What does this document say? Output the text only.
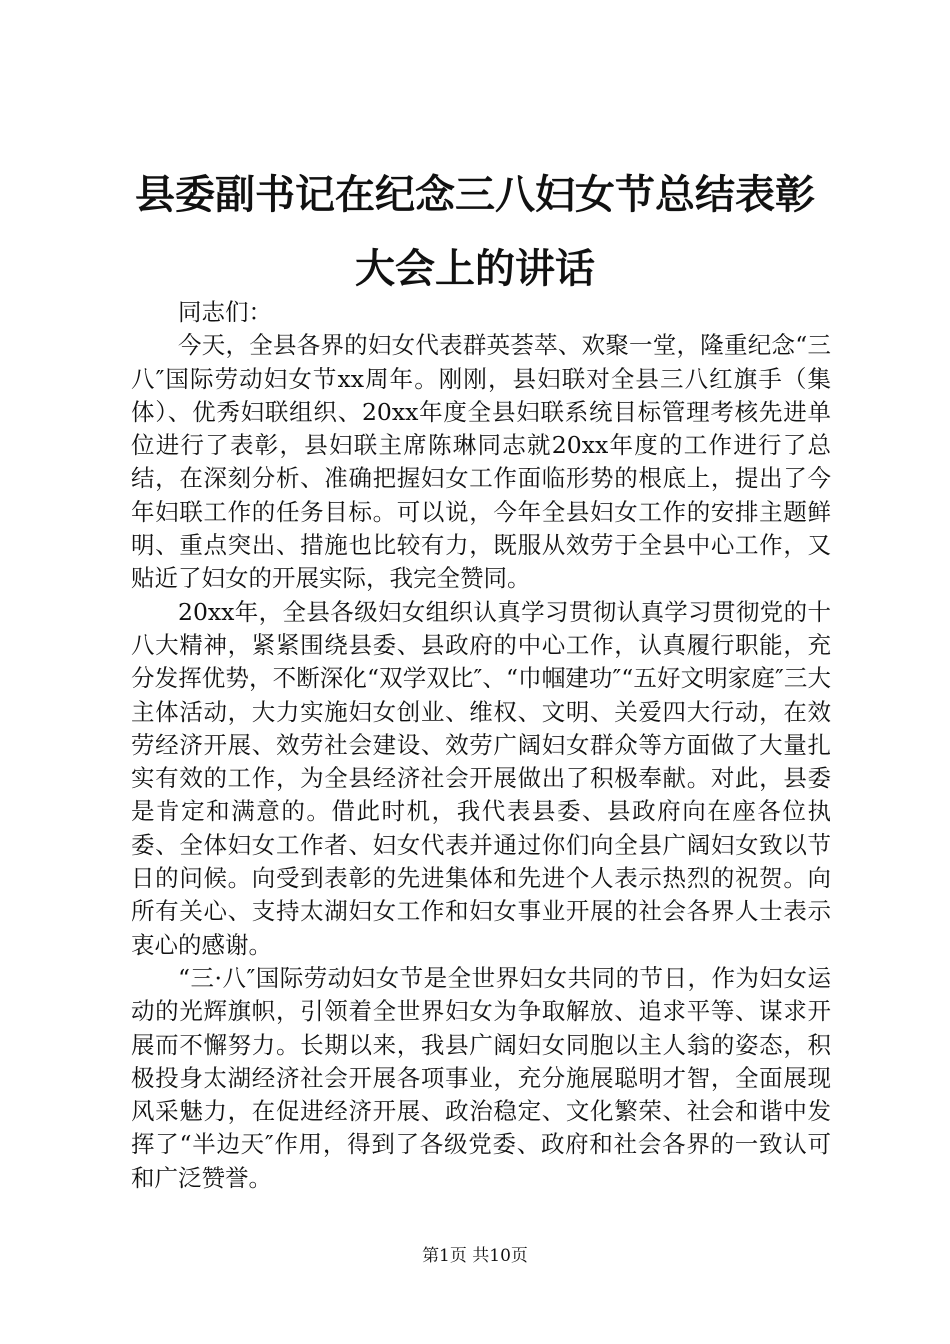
县委副书记在纪念三八妇女节总结表彰大会上的讲话

同志们：

今天，全县各界的妇女代表群英荟萃、欢聚一堂，隆重纪念“三八″国际劳动妇女节xx周年。刚刚，县妇联对全县三八红旗手（集体）、优秀妇联组织、20xx年度全县妇联系统目标管理考核先进单位进行了表彰，县妇联主席陈琳同志就20xx年度的工作进行了总结，在深刻分析、准确把握妇女工作面临形势的根底上，提出了今年妇联工作的任务目标。可以说，今年全县妇女工作的安排主题鲜明、重点突出、措施也比较有力，既服从效劳于全县中心工作，又贴近了妇女的开展实际，我完全赞同。

20xx年，全县各级妇女组织认真学习贯彻认真学习贯彻党的十八大精神，紧紧围绕县委、县政府的中心工作，认真履行职能，充分发挥优势，不断深化“双学双比″、“巾帼建功″“五好文明家庭″三大主体活动，大力实施妇女创业、维权、文明、关爱四大行动，在效劳经济开展、效劳社会建设、效劳广阔妇女群众等方面做了大量扎实有效的工作，为全县经济社会开展做出了积极奉献。对此，县委是肯定和满意的。借此时机，我代表县委、县政府向在座各位执委、全体妇女工作者、妇女代表并通过你们向全县广阔妇女致以节日的问候。向受到表彰的先进集体和先进个人表示热烈的祝贺。向所有关心、支持太湖妇女工作和妇女事业开展的社会各界人士表示衷心的感谢。

“三·八″国际劳动妇女节是全世界妇女共同的节日，作为妇女运动的光辉旗帜，引领着全世界妇女为争取解放、追求平等、谋求开展而不懈努力。长期以来，我县广阔妇女同胞以主人翁的姿态，积极投身太湖经济社会开展各项事业，充分施展聪明才智，全面展现风采魅力，在促进经济开展、政治稳定、文化繁荣、社会和谐中发挥了“半边天″作用，得到了各级党委、政府和社会各界的一致认可和广泛赞誉。

第1页 共10页
